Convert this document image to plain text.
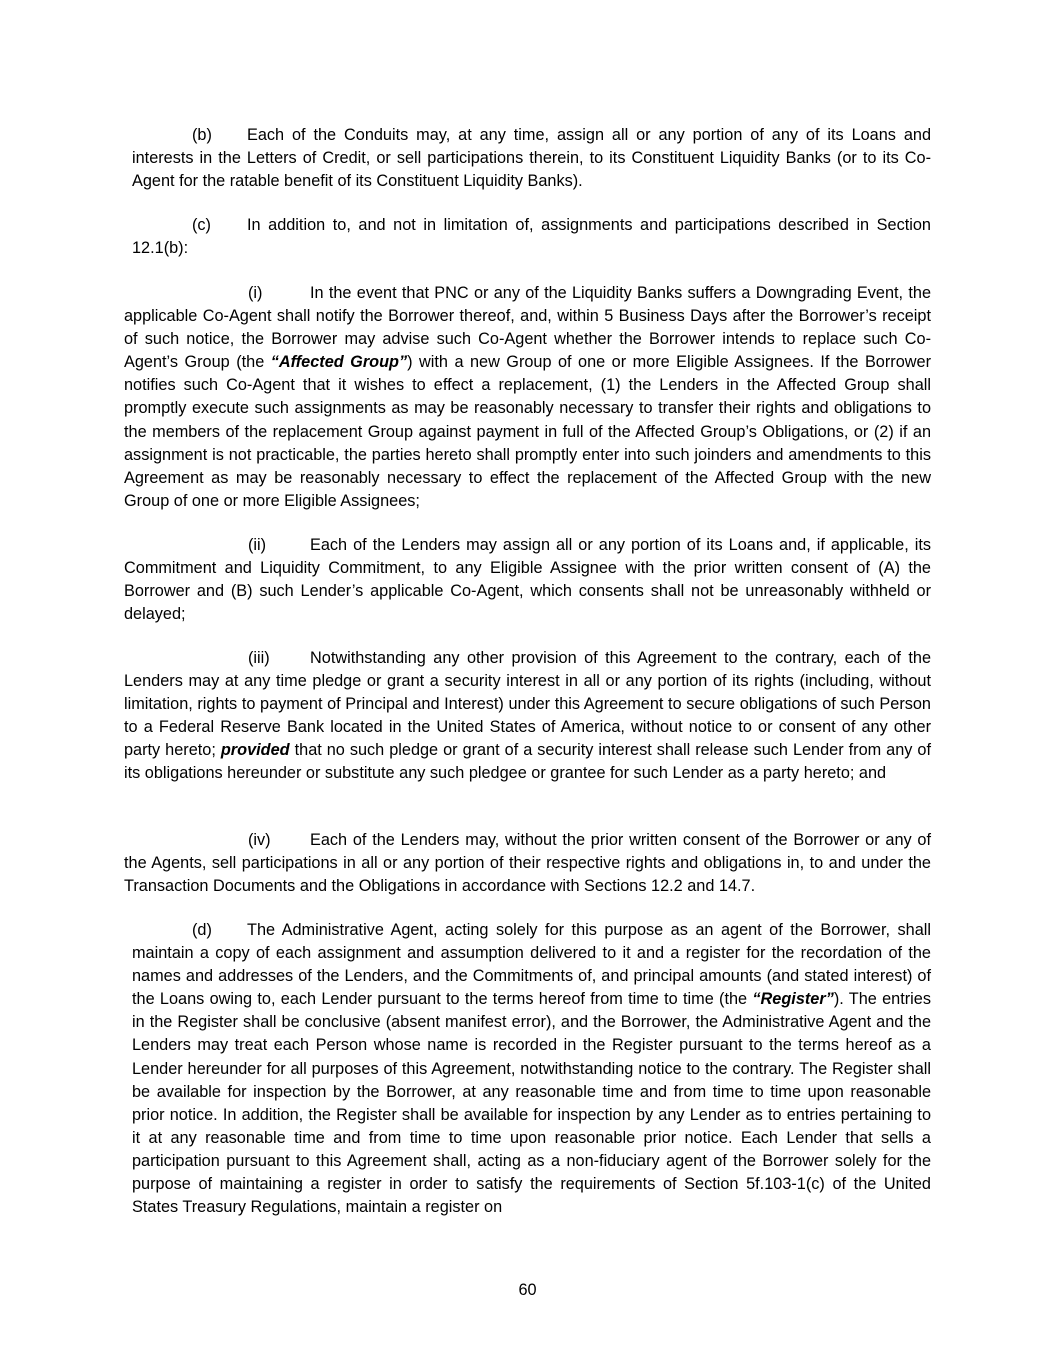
(b) Each of the Conduits may, at any time, assign all or any portion of any of its Loans and interests in the Letters of Credit, or sell participations therein, to its Constituent Liquidity Banks (or to its Co-Agent for the ratable benefit of its Constituent Liquidity Banks).

(c) In addition to, and not in limitation of, assignments and participations described in Section 12.1(b):

(i)	In the event that PNC or any of the Liquidity Banks suffers a Downgrading Event, the applicable Co-Agent shall notify the Borrower thereof, and, within 5 Business Days after the Borrower’s receipt of such notice, the Borrower may advise such Co-Agent whether the Borrower intends to replace such Co-Agent’s Group (the “Affected Group”) with a new Group of one or more Eligible Assignees. If the Borrower notifies such Co-Agent that it wishes to effect a replacement, (1) the Lenders in the Affected Group shall promptly execute such assignments as may be reasonably necessary to transfer their rights and obligations to the members of the replacement Group against payment in full of the Affected Group’s Obligations, or (2) if an assignment is not practicable, the parties hereto shall promptly enter into such joinders and amendments to this Agreement as may be reasonably necessary to effect the replacement of the Affected Group with the new Group of one or more Eligible Assignees;

(ii)	Each of the Lenders may assign all or any portion of its Loans and, if applicable, its Commitment and Liquidity Commitment, to any Eligible Assignee with the prior written consent of (A) the Borrower and (B) such Lender’s applicable Co-Agent, which consents shall not be unreasonably withheld or delayed;

(iii) Notwithstanding any other provision of this Agreement to the contrary, each of the Lenders may at any time pledge or grant a security interest in all or any portion of its rights (including, without limitation, rights to payment of Principal and Interest) under this Agreement to secure obligations of such Person to a Federal Reserve Bank located in the United States of America, without notice to or consent of any other party hereto; provided that no such pledge or grant of a security interest shall release such Lender from any of its obligations hereunder or substitute any such pledgee or grantee for such Lender as a party hereto; and

(iv) Each of the Lenders may, without the prior written consent of the Borrower or any of the Agents, sell participations in all or any portion of their respective rights and obligations in, to and under the Transaction Documents and the Obligations in accordance with Sections 12.2 and 14.7.

(d) The Administrative Agent, acting solely for this purpose as an agent of the Borrower, shall maintain a copy of each assignment and assumption delivered to it and a register for the recordation of the names and addresses of the Lenders, and the Commitments of, and principal amounts (and stated interest) of the Loans owing to, each Lender pursuant to the terms hereof from time to time (the “Register”). The entries in the Register shall be conclusive (absent manifest error), and the Borrower, the Administrative Agent and the Lenders may treat each Person whose name is recorded in the Register pursuant to the terms hereof as a Lender hereunder for all purposes of this Agreement, notwithstanding notice to the contrary. The Register shall be available for inspection by the Borrower, at any reasonable time and from time to time upon reasonable prior notice. In addition, the Register shall be available for inspection by any Lender as to entries pertaining to it at any reasonable time and from time to time upon reasonable prior notice. Each Lender that sells a participation pursuant to this Agreement shall, acting as a non-fiduciary agent of the Borrower solely for the purpose of maintaining a register in order to satisfy the requirements of Section 5f.103-1(c) of the United States Treasury Regulations, maintain a register on

60
